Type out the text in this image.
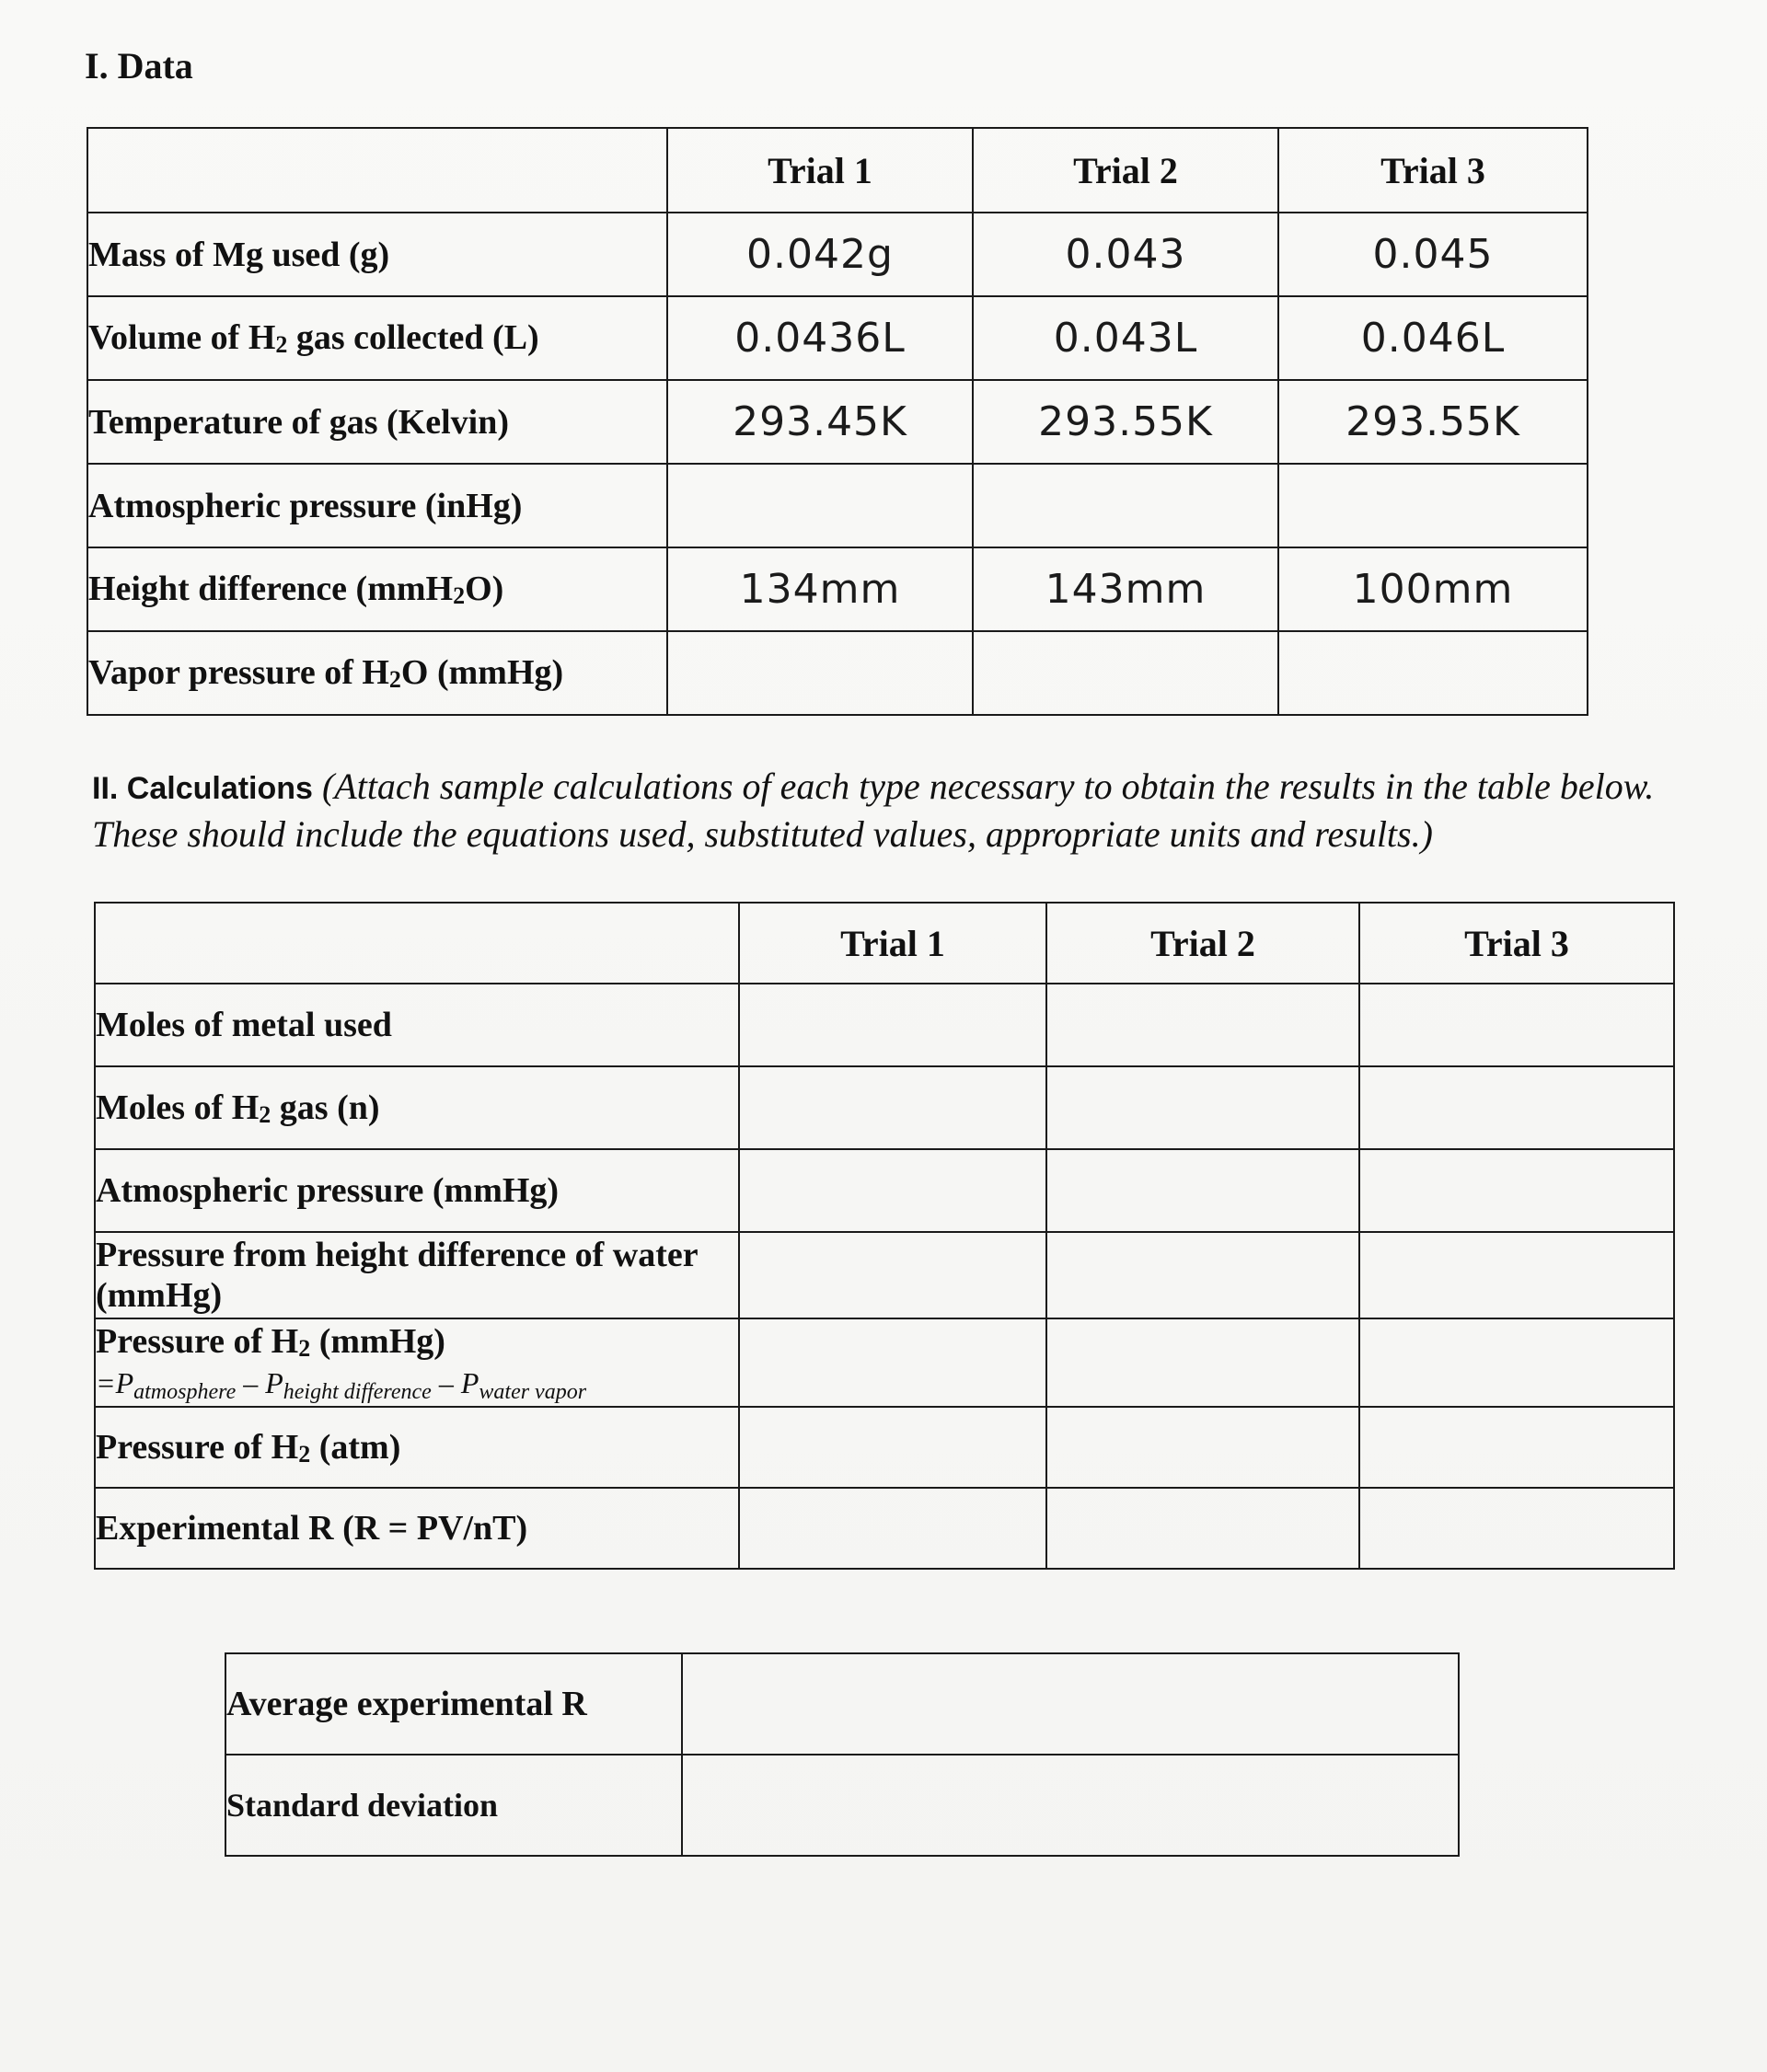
I. Data
	Trial 1	Trial 2	Trial 3
Mass of Mg used (g)	0.042g	0.043	0.045
Volume of H2 gas collected (L)	0.0436L	0.043L	0.046L
Temperature of gas (Kelvin)	293.45K	293.55K	293.55K
Atmospheric pressure (inHg)			
Height difference (mmH2O)	134mm	143mm	100mm
Vapor pressure of H2O (mmHg)			
II. Calculations (Attach sample calculations of each type necessary to obtain the results in the table below. These should include the equations used, substituted values, appropriate units and results.)
	Trial 1	Trial 2	Trial 3
Moles of metal used			
Moles of H2 gas (n)			
Atmospheric pressure (mmHg)			
Pressure from height difference of water (mmHg)			
Pressure of H2 (mmHg)
=Patmosphere – Pheight difference – Pwater vapor			

Pressure of H2 (atm)			
Experimental R (R = PV/nT)			
Average experimental R	
Standard deviation	
